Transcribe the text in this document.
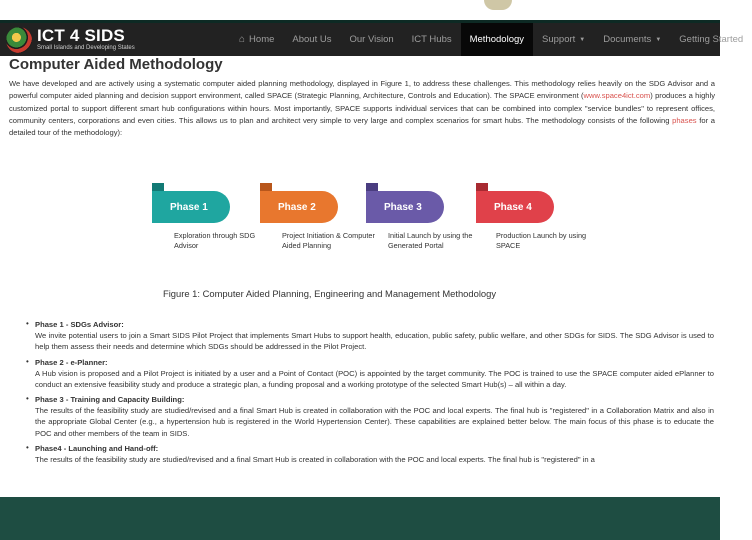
ICT 4 SIDS
Small Islands and Developing States
⌂ Home About Us Our Vision ICT Hubs Methodology Support ▼ Documents ▼ Getting Started
Computer Aided Methodology

We have developed and are actively using a systematic computer aided planning methodology, displayed in Figure 1, to address these challenges. This methodology relies heavily on the SDG Advisor and a powerful computer aided planning and decision support environment, called SPACE (Strategic Planning, Architecture, Controls and Education). The SPACE environment (www.space4ict.com) produces a highly customized portal to support different smart hub configurations within hours. Most importantly, SPACE supports individual services that can be combined into complex "service bundles" to represent offices, community centers, corporations and even cities. This allows us to plan and architect very simple to very large and complex scenarios for smart hubs. The methodology consists of the following phases for a detailed tour of the methodology):

Phase 1
Exploration through SDG Advisor
Phase 2
Project Initiation & Computer Aided Planning
Phase 3
Initial Launch by using the Generated Portal
Phase 4
Production Launch by using SPACE
Figure 1: Computer Aided Planning, Engineering and Management Methodology
• Phase 1 - SDGs Advisor:
We invite potential users to join a Smart SIDS Pilot Project that implements Smart Hubs to support health, education, public safety, public welfare, and other SDGs for SIDS. The SDG Advisor is used to help them assess their needs and determine which SDGs should be addressed in the Pilot Project.
• Phase 2 - e-Planner:
A Hub vision is proposed and a Pilot Project is initiated by a user and a Point of Contact (POC) is appointed by the target community. The POC is trained to use the SPACE computer aided ePlanner to conduct an extensive feasibility study and produce a strategic plan, a funding proposal and a working prototype of the selected Smart Hub(s) – all within a day.
• Phase 3 - Training and Capacity Building:
The results of the feasibility study are studied/revised and a final Smart Hub is created in collaboration with the POC and local experts. The final hub is "registered" in a Collaboration Matrix and also in the appropriate Global Center (e.g., a hypertension hub is registered in the World Hypertension Center). These capabilities are explained better below. The main focus of this phase is to educate the POC and other members of the team in SIDS.
• Phase4 - Launching and Hand-off:
The results of the feasibility study are studied/revised and a final Smart Hub is created in collaboration with the POC and local experts. The final hub is "registered" in a
